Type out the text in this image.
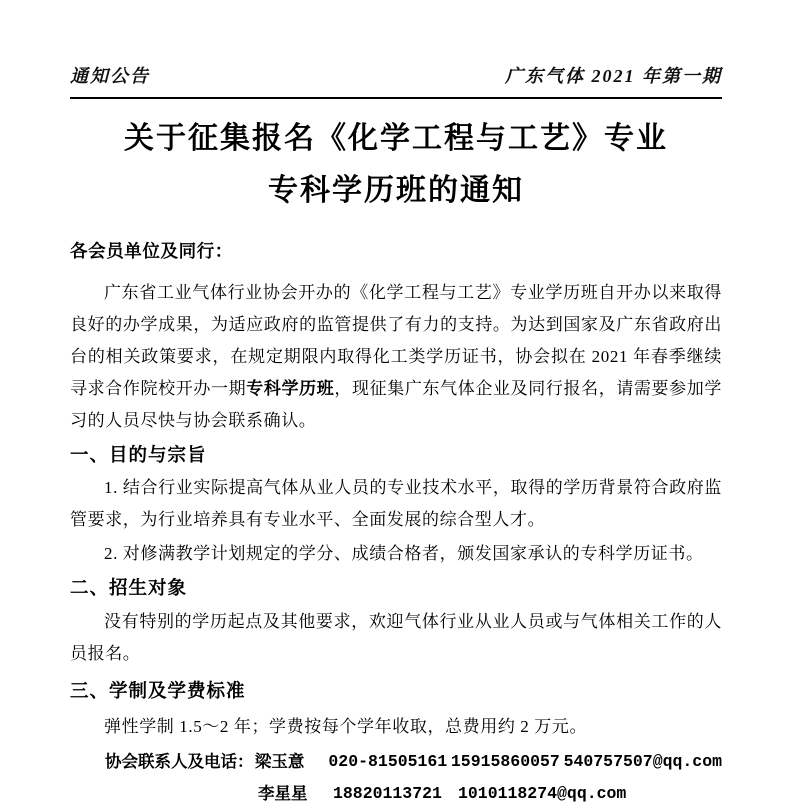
通知公告	广东气体 2021 年第一期
关于征集报名《化学工程与工艺》专业
专科学历班的通知
各会员单位及同行：

广东省工业气体行业协会开办的《化学工程与工艺》专业学历班自开办以来取得良好的办学成果，为适应政府的监管提供了有力的支持。为达到国家及广东省政府出台的相关政策要求，在规定期限内取得化工类学历证书，协会拟在 2021 年春季继续寻求合作院校开办一期专科学历班，现征集广东气体企业及同行报名，请需要参加学习的人员尽快与协会联系确认。

一、目的与宗旨

1. 结合行业实际提高气体从业人员的专业技术水平，取得的学历背景符合政府监管要求，为行业培养具有专业水平、全面发展的综合型人才。

2. 对修满教学计划规定的学分、成绩合格者，颁发国家承认的专科学历证书。

二、招生对象

没有特别的学历起点及其他要求，欢迎气体行业从业人员或与气体相关工作的人员报名。

三、学制及学费标准

弹性学制 1.5～2 年；学费按每个学年收取，总费用约 2 万元。

协会联系人及电话： 梁玉意	020-81505161 15915860057 540757507@qq.com
李星星	18820113721 1010118274@qq.com
